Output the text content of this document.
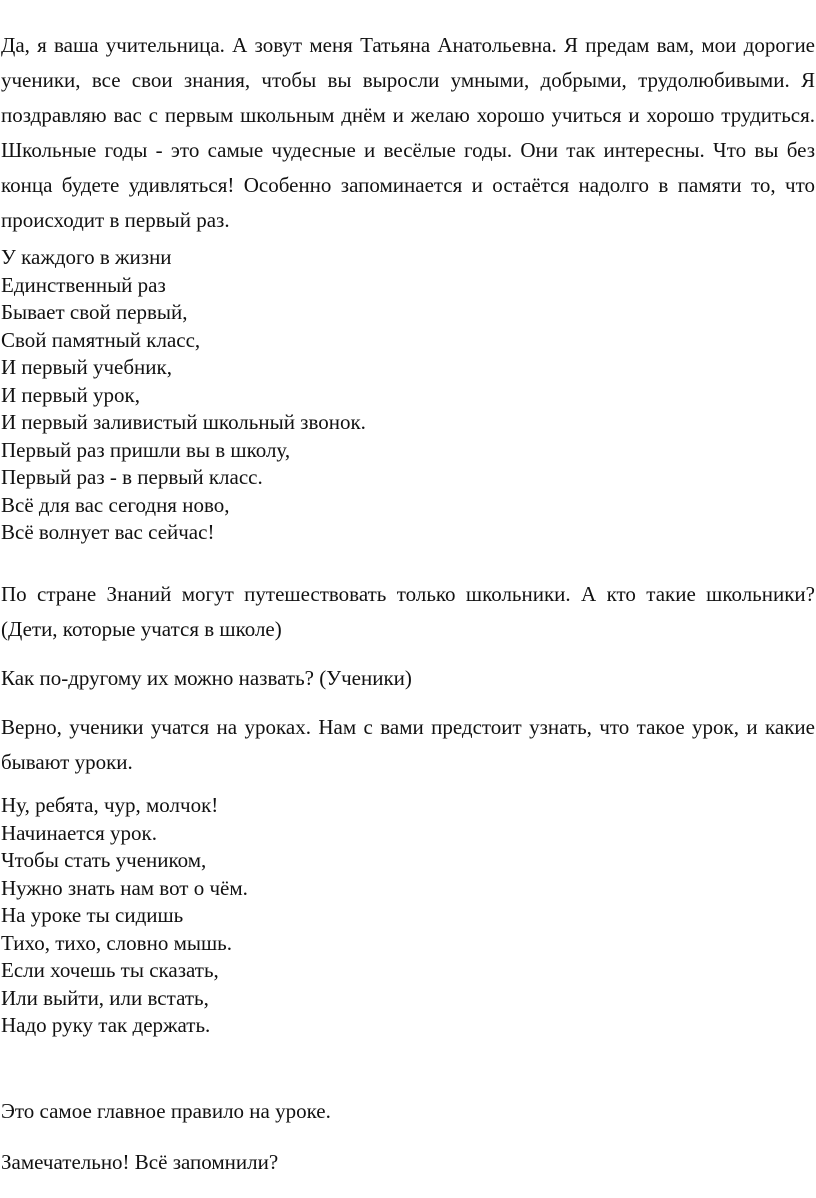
Да, я ваша учительница. А зовут меня Татьяна Анатольевна. Я предам вам, мои дорогие ученики, все свои знания, чтобы вы выросли умными, добрыми, трудолюбивыми. Я поздравляю вас с первым школьным днём и желаю хорошо учиться и хорошо трудиться. Школьные годы - это самые чудесные и весёлые годы. Они так интересны. Что вы без конца будете удивляться! Особенно запоминается и остаётся надолго в памяти то, что происходит в первый раз.

У каждого в жизни
Единственный раз
Бывает свой первый,
Свой памятный класс,
И первый учебник,
И первый урок,
И первый заливистый школьный звонок.
Первый раз пришли вы в школу,
Первый раз - в первый класс.
Всё для вас сегодня ново,
Всё волнует вас сейчас!

По стране Знаний могут путешествовать только школьники. А кто такие школьники? (Дети, которые учатся в школе)

Как по-другому их можно назвать? (Ученики)

Верно, ученики учатся на уроках. Нам с вами предстоит узнать, что такое урок, и какие бывают уроки.

Ну, ребята, чур, молчок!
Начинается урок.
Чтобы стать учеником,
Нужно знать нам вот о чём.
На уроке ты сидишь
Тихо, тихо, словно мышь.
Если хочешь ты сказать,
Или выйти, или встать,
Надо руку так держать.

Это самое главное правило на уроке.

Замечательно! Всё запомнили?
